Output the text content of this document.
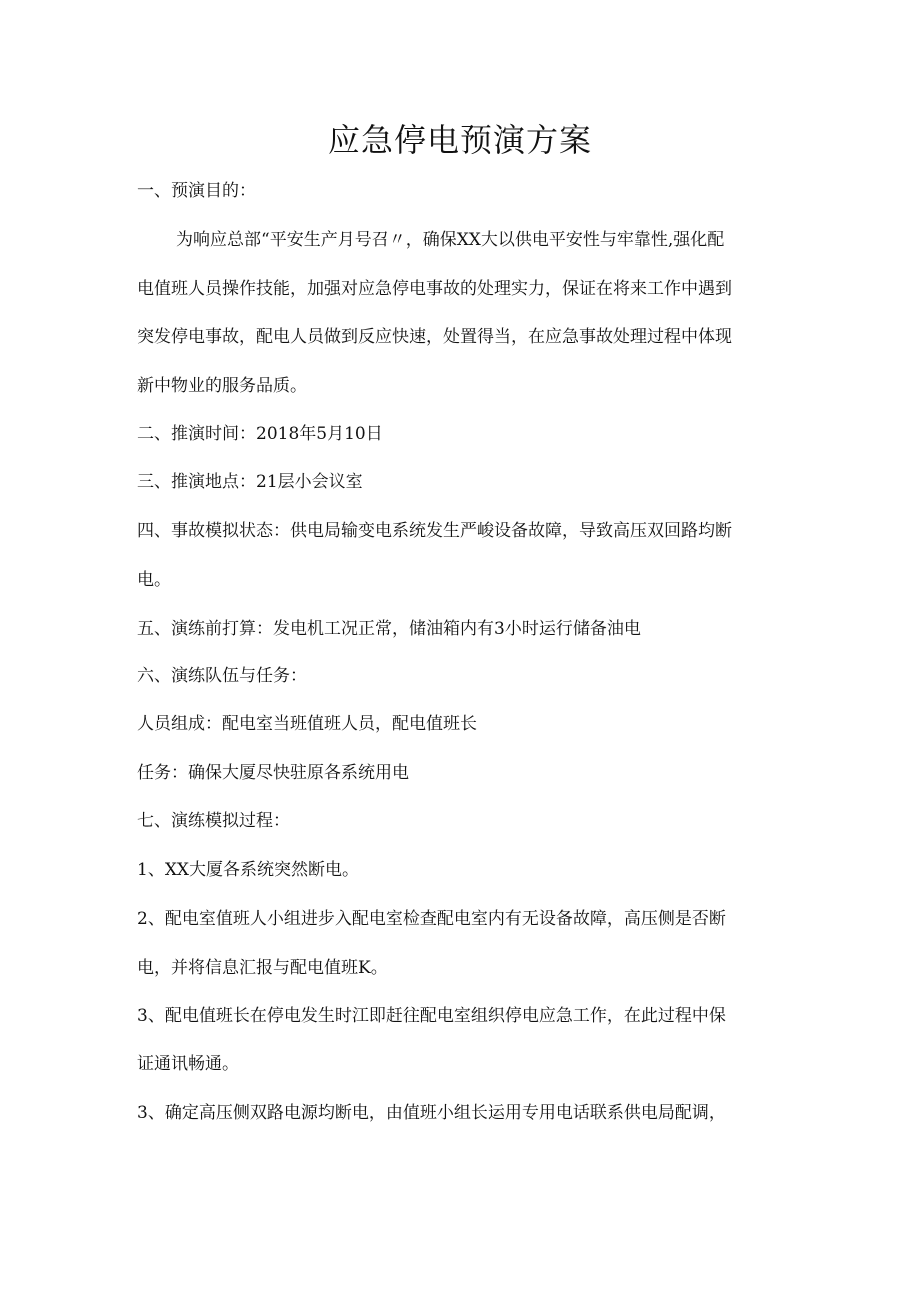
应急停电预演方案
一、预演目的：
为响应总部“平安生产月号召〃，确保XX大以供电平安性与牢靠性,强化配
电值班人员操作技能，加强对应急停电事故的处理实力，保证在将来工作中遇到
突发停电事故，配电人员做到反应快速，处置得当，在应急事故处理过程中体现
新中物业的服务品质。
二、推演时间：2018年5月10日
三、推演地点：21层小会议室
四、事故模拟状态：供电局输变电系统发生严峻设备故障，导致高压双回路均断
电。
五、演练前打算：发电机工况正常，储油箱内有3小时运行储备油电
六、演练队伍与任务：
人员组成：配电室当班值班人员，配电值班长
任务：确保大厦尽快驻原各系统用电
七、演练模拟过程：
1、XX大厦各系统突然断电。
2、配电室值班人小组进步入配电室检查配电室内有无设备故障，高压侧是否断
电，并将信息汇报与配电值班K。
3、配电值班长在停电发生时江即赶往配电室组织停电应急工作，在此过程中保
证通讯畅通。
3、确定高压侧双路电源均断电，由值班小组长运用专用电话联系供电局配调，
